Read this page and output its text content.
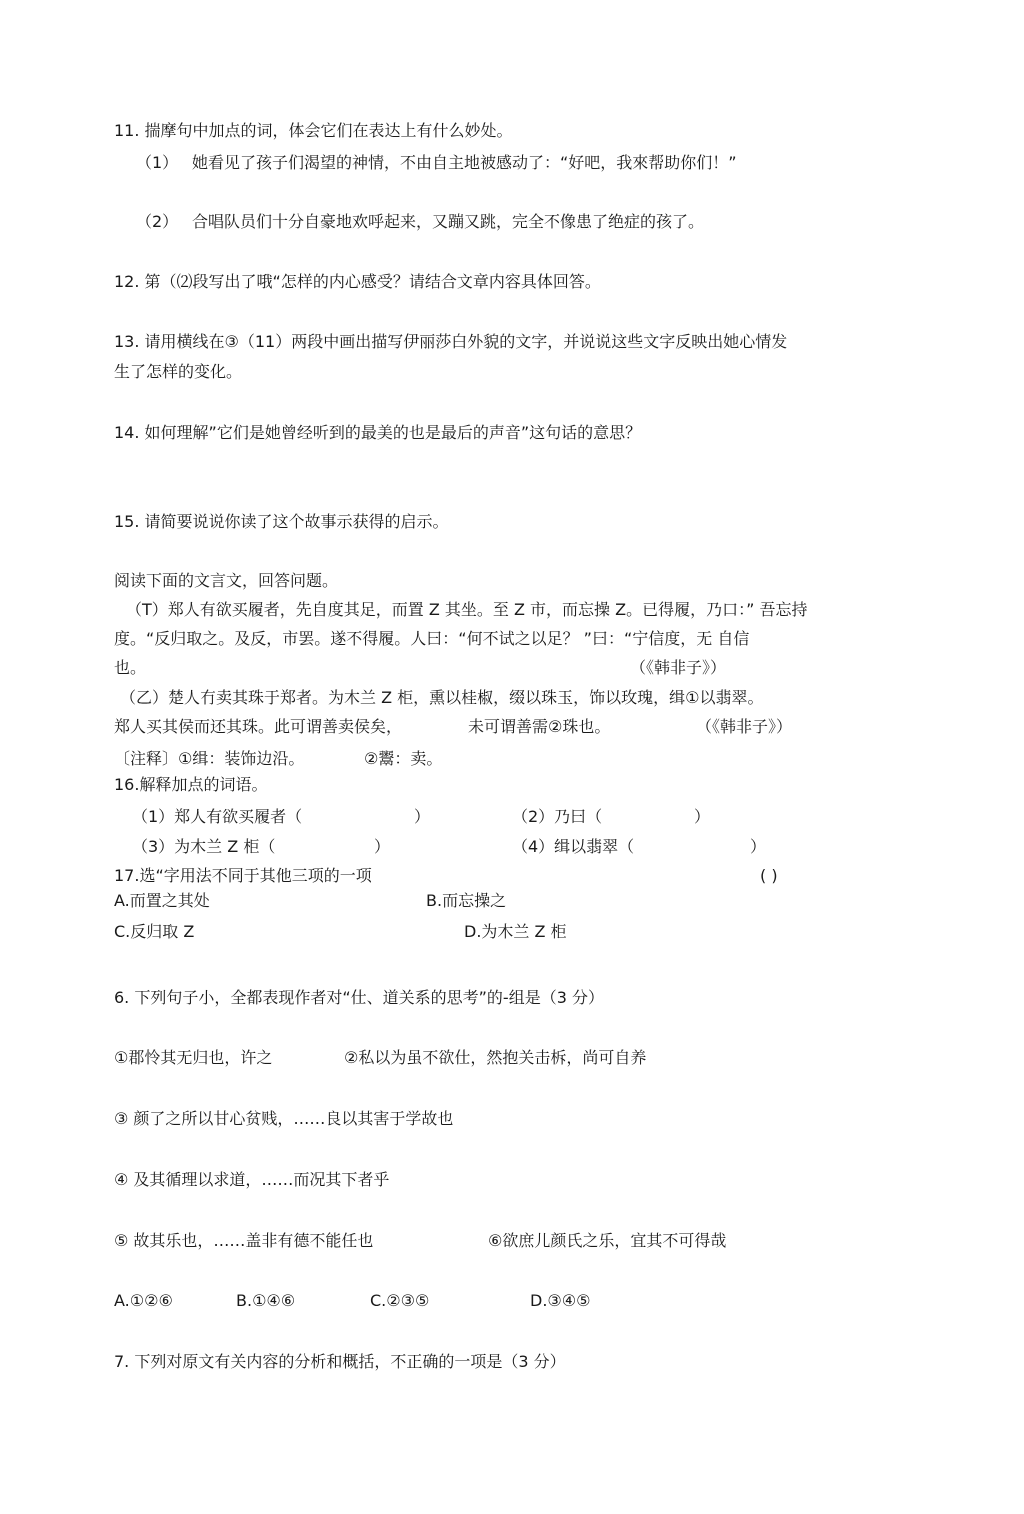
11. 揣摩句中加点的词，体会它们在表达上有什么妙处。
（1） 她看见了孩子们渴望的神情，不由自主地被感动了：“好吧，我來帮助你们！”
（2） 合唱队员们十分自豪地欢呼起来，又蹦又跳，完全不像患了绝症的孩了。
12. 第（⑵段写出了哦“怎样的内心感受？请结合文章内容具体回答。
13. 请用横线在③（11）两段中画出描写伊丽莎白外貌的文字，并说说这些文字反映出她心情发
生了怎样的变化。
14. 如何理解”它们是她曾经听到的最美的也是最后的声音”这句话的意思？
15. 请简要说说你读了这个故事示获得的启示。
阅读下面的文言文，回答问题。
（T）郑人有欲买履者，先自度其足，而置 Z 其坐。至 Z 市，而忘操 Z。已得履，乃口：” 吾忘持
度。“反归取之。及反，市罢。遂不得履。人曰：“何不试之以足？ ”曰：“宁信度，无 自信
也。	（《韩非子》）
（乙）楚人冇卖其珠于郑者。为木兰 Z 柜，熏以桂椒，缀以珠玉，饰以玫瑰，缉①以翡翠。
郑人买其侯而还其珠。此可谓善卖侯矣，	未可谓善需②珠也。	（《韩非子》）
〔注释〕①缉：装饰边沿。	②鬻：卖。
16.解释加点的词语。
（1）郑人有欲买履者（	）	（2）乃曰（	）
（3）为木兰 Z 柜（	）	（4）缉以翡翠（	）
17.选“字用法不同于其他三项的一项	( )
A.而置之其处	B.而忘操之
C.反归取 Z	D.为木兰 Z 柜
6. 下列句子小，全都表现作者对“仕、道关系的思考”的-组是（3 分）
①郡怜其无归也，许之	②私以为虽不欲仕，然抱关击柝，尚可自养
③ 颜了之所以甘心贫贱，……良以其害于学故也
④ 及其循理以求道，……而况其下者乎
⑤ 故其乐也，……盖非有德不能任也	⑥欲庶儿颜氏之乐，宜其不可得哉
A.①②⑥	B.①④⑥	C.②③⑤	D.③④⑤
7. 下列对原文有关内容的分析和概括，不正确的一项是（3 分）
